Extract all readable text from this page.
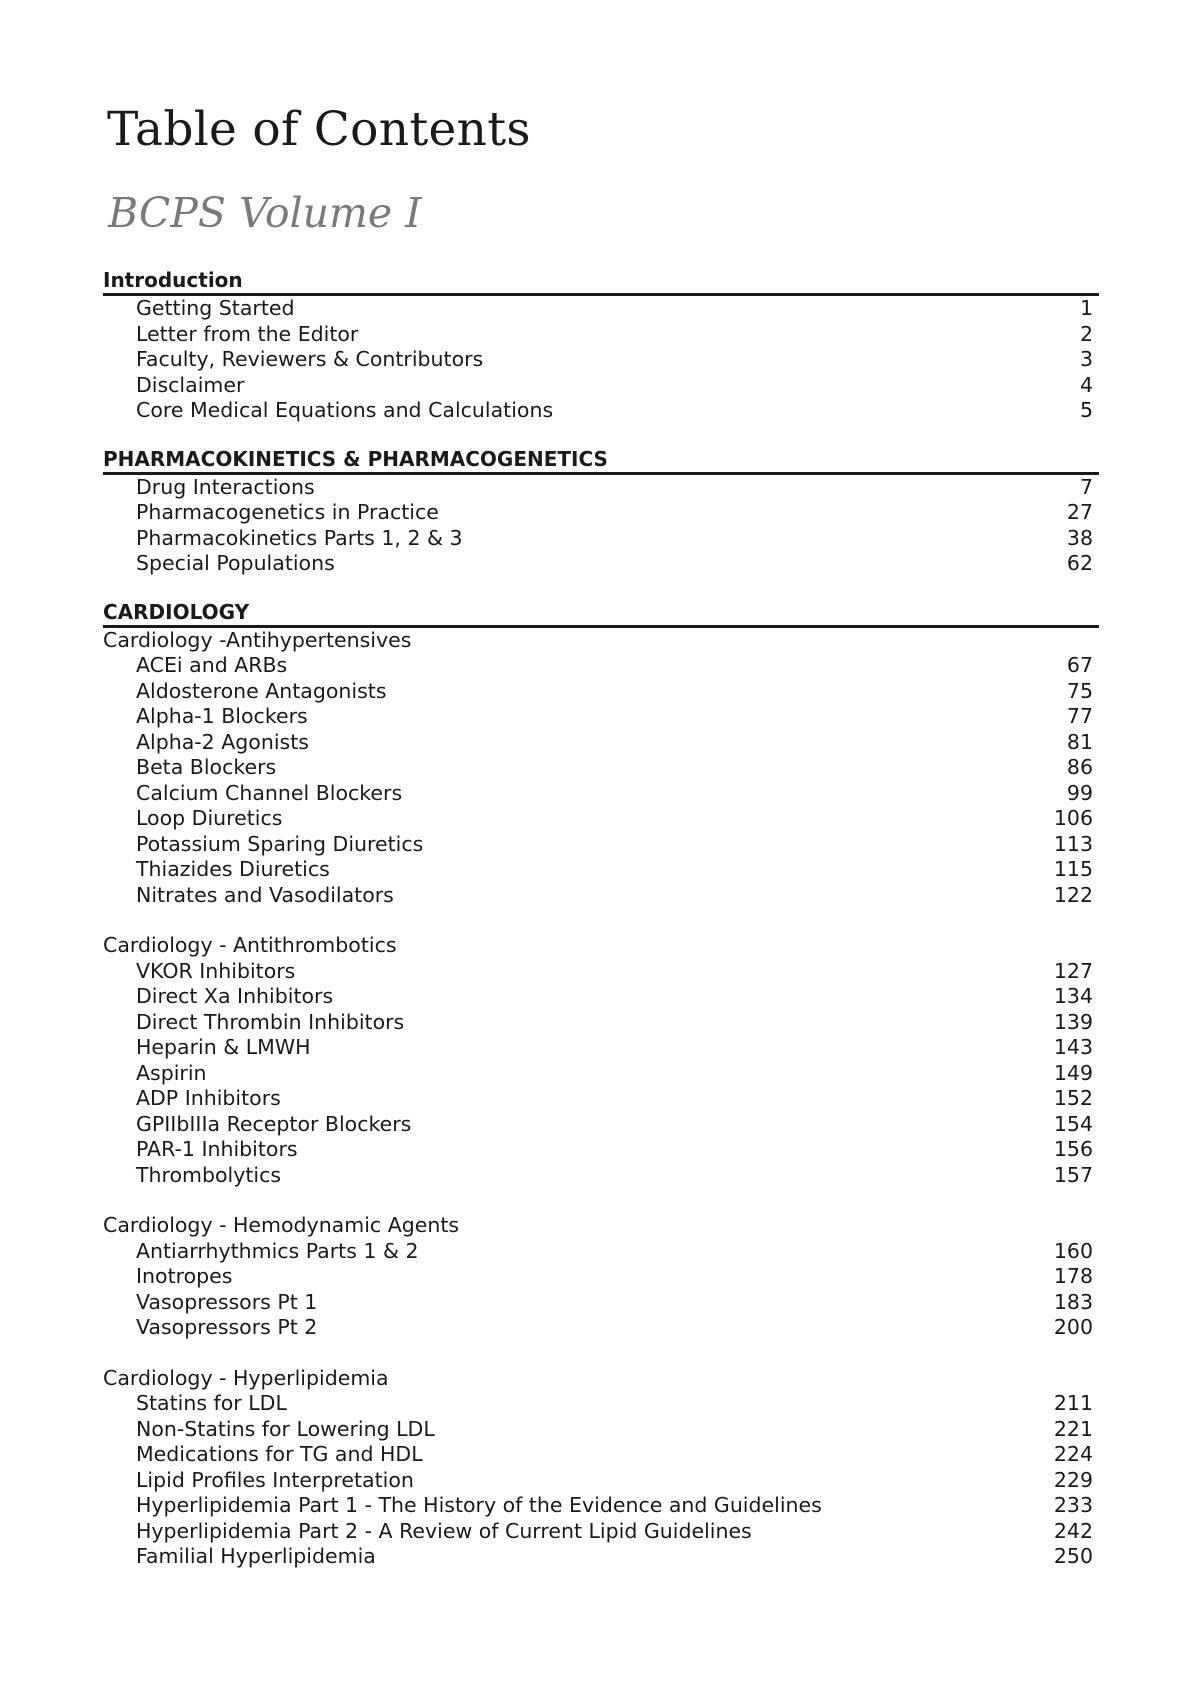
Table of Contents
BCPS Volume I
Introduction
Getting Started	1
Letter from the Editor	2
Faculty, Reviewers & Contributors	3
Disclaimer	4
Core Medical Equations and Calculations	5
PHARMACOKINETICS & PHARMACOGENETICS
Drug Interactions	7
Pharmacogenetics in Practice	27
Pharmacokinetics Parts 1, 2 & 3	38
Special Populations	62
CARDIOLOGY
Cardiology -Antihypertensives
ACEi and ARBs	67
Aldosterone Antagonists	75
Alpha-1 Blockers	77
Alpha-2 Agonists	81
Beta Blockers	86
Calcium Channel Blockers	99
Loop Diuretics	106
Potassium Sparing Diuretics	113
Thiazides Diuretics	115
Nitrates and Vasodilators	122
Cardiology - Antithrombotics
VKOR Inhibitors	127
Direct Xa Inhibitors	134
Direct Thrombin Inhibitors	139
Heparin & LMWH	143
Aspirin	149
ADP Inhibitors	152
GPIIbIIIa Receptor Blockers	154
PAR-1 Inhibitors	156
Thrombolytics	157
Cardiology - Hemodynamic Agents
Antiarrhythmics Parts 1 & 2	160
Inotropes	178
Vasopressors Pt 1	183
Vasopressors Pt 2	200
Cardiology - Hyperlipidemia
Statins for LDL	211
Non-Statins for Lowering LDL	221
Medications for TG and HDL	224
Lipid Profiles Interpretation	229
Hyperlipidemia Part 1 - The History of the Evidence and Guidelines	233
Hyperlipidemia Part 2 - A Review of Current Lipid Guidelines	242
Familial Hyperlipidemia	250
